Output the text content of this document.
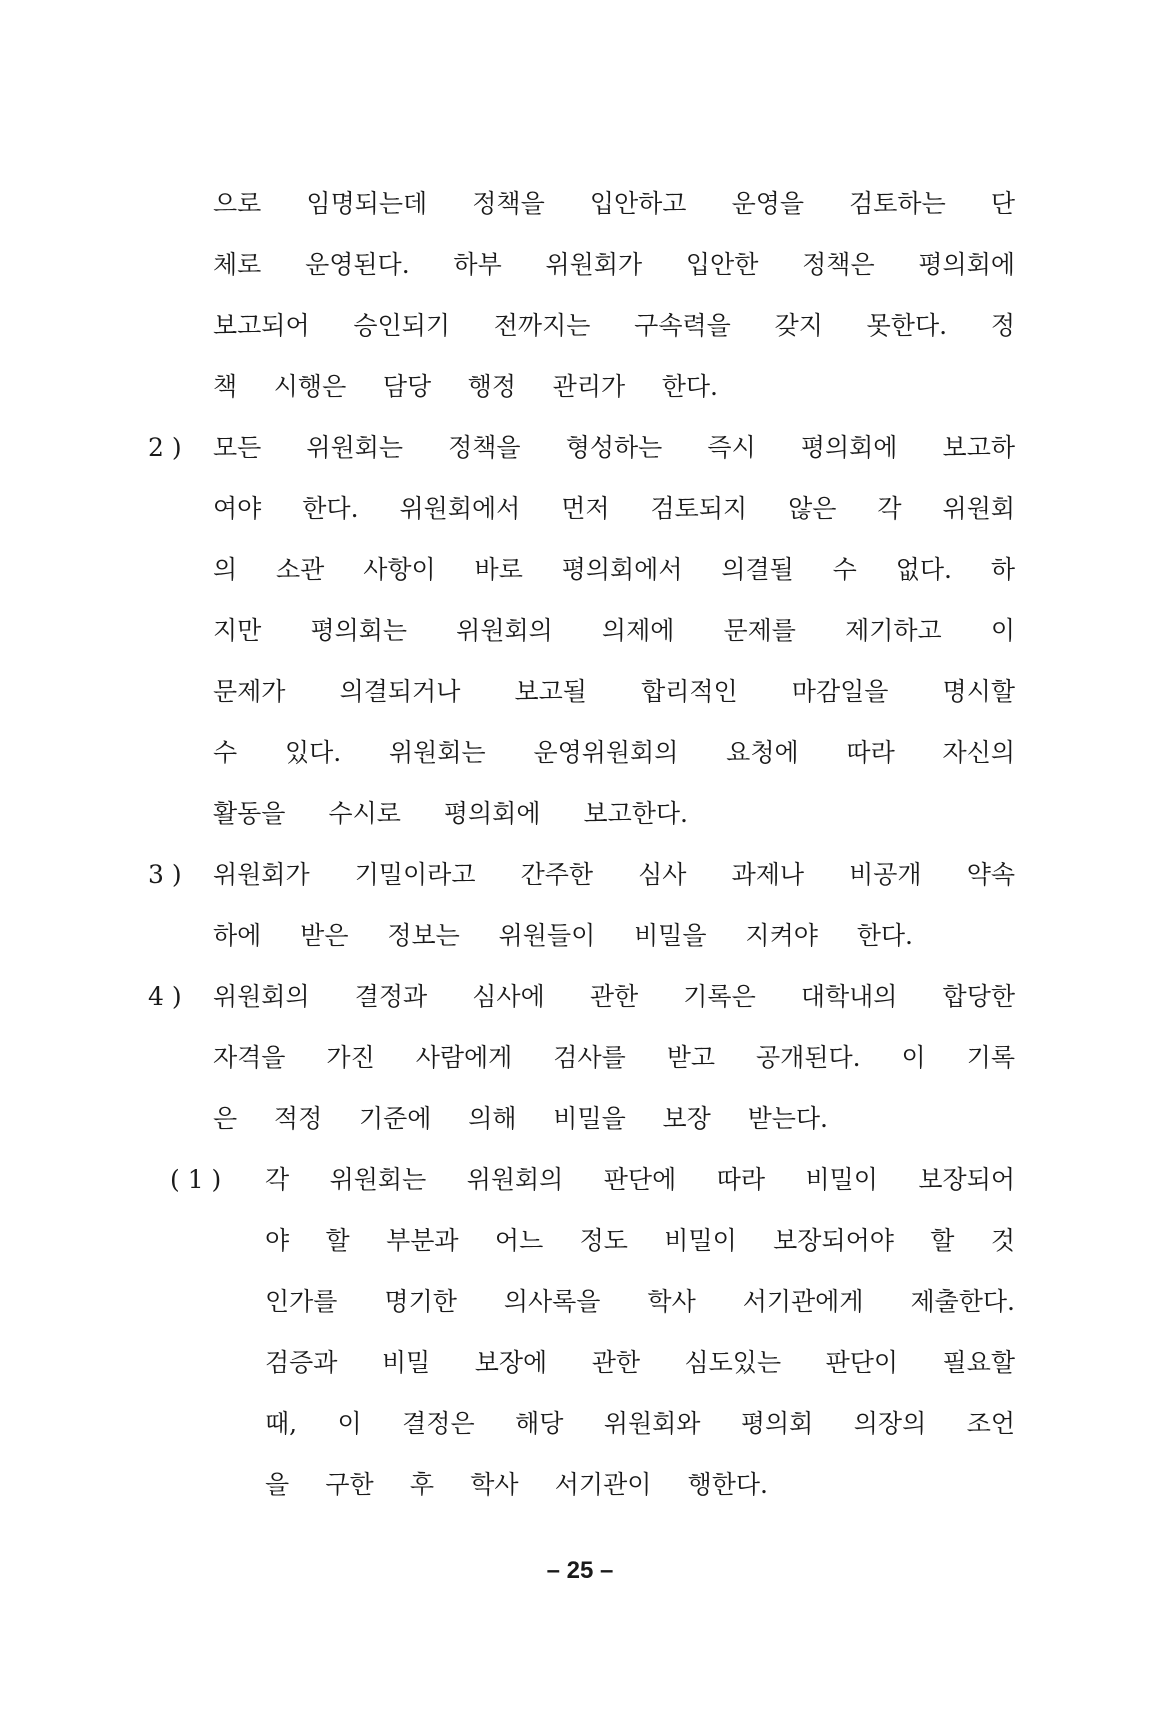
으로 임명되는데 정책을 입안하고 운영을 검토하는 단
체로 운영된다. 하부 위원회가 입안한 정책은 평의회에
보고되어 승인되기 전까지는 구속력을 갖지 못한다. 정
책 시행은 담당 행정 관리가 한다.
2 ) 모든 위원회는 정책을 형성하는 즉시 평의회에 보고하
여야 한다. 위원회에서 먼저 검토되지 않은 각 위원회
의 소관 사항이 바로 평의회에서 의결될 수 없다. 하
지만 평의회는 위원회의 의제에 문제를 제기하고 이
문제가 의결되거나 보고될 합리적인 마감일을 명시할
수 있다. 위원회는 운영위원회의 요청에 따라 자신의
활동을 수시로 평의회에 보고한다.
3 ) 위원회가 기밀이라고 간주한 심사 과제나 비공개 약속
하에 받은 정보는 위원들이 비밀을 지켜야 한다.
4 ) 위원회의 결정과 심사에 관한 기록은 대학내의 합당한
자격을 가진 사람에게 검사를 받고 공개된다. 이 기록
은 적정 기준에 의해 비밀을 보장 받는다.
( 1 ) 각 위원회는 위원회의 판단에 따라 비밀이 보장되어
야 할 부분과 어느 정도 비밀이 보장되어야 할 것
인가를 명기한 의사록을 학사 서기관에게 제출한다.
검증과 비밀 보장에 관한 심도있는 판단이 필요할
때, 이 결정은 해당 위원회와 평의회 의장의 조언
을 구한 후 학사 서기관이 행한다.
– 25 –
